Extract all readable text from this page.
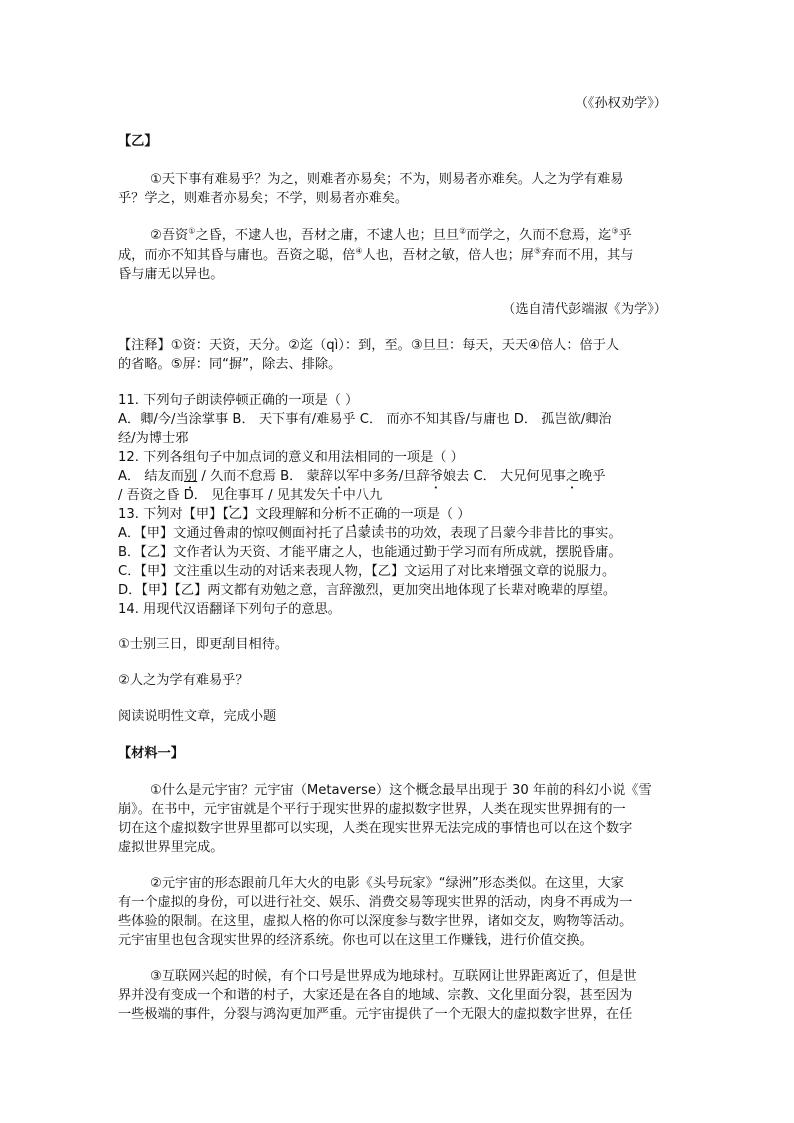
（《孙权劝学》）
【乙】
①天下事有难易乎？为之，则难者亦易矣；不为，则易者亦难矣。人之为学有难易
乎？学之，则难者亦易矣；不学，则易者亦难矣。
②吾资①之昏，不逮人也，吾材之庸，不逮人也；旦旦②而学之，久而不怠焉，迄③乎
成，而亦不知其昏与庸也。吾资之聪，倍④人也，吾材之敏，倍人也；屏⑤弃而不用，其与
昏与庸无以异也。
（选自清代彭端淑《为学》）
【注释】①资：天资，天分。②迄（qì）：到，至。③旦旦：每天，天天④倍人：倍于人
的省略。⑤屏：同“摒”，除去、排除。
11. 下列句子朗读停顿正确的一项是（ ）
A．卿/今/当涂掌事 B． 天下事有/难易乎 C． 而亦不知其昏/与庸也 D． 孤岂欲/卿治
经/为博士邪
12. 下列各组句子中加点词的意义和用法相同的一项是（ ）
A． 结友而别 / 久而不怠焉 B． 蒙辞以军中多务/旦辞爷娘去 C． 大兄何见事之晚乎
/ 吾资之昏 D． 见往事耳 / 见其发矢十中八九
13. 下列对【甲】【乙】文段理解和分析不正确的一项是（ ）
A．【甲】文通过鲁肃的惊叹侧面衬托了吕蒙读书的功效，表现了吕蒙今非昔比的事实。
B．【乙】文作者认为天资、才能平庸之人，也能通过勤于学习而有所成就，摆脱昏庸。
C．【甲】文注重以生动的对话来表现人物，【乙】文运用了对比来增强文章的说服力。
D．【甲】【乙】两文都有劝勉之意，言辞激烈，更加突出地体现了长辈对晚辈的厚望。
14. 用现代汉语翻译下列句子的意思。
①士别三日，即更刮目相待。
②人之为学有难易乎？
阅读说明性文章，完成小题
【材料一】
①什么是元宇宙？元宇宙（Metaverse）这个概念最早出现于 30 年前的科幻小说《雪
崩》。在书中，元宇宙就是个平行于现实世界的虚拟数字世界，人类在现实世界拥有的一
切在这个虚拟数字世界里都可以实现，人类在现实世界无法完成的事情也可以在这个数字
虚拟世界里完成。
②元宇宙的形态跟前几年大火的电影《头号玩家》“绿洲”形态类似。在这里，大家
有一个虚拟的身份，可以进行社交、娱乐、消费交易等现实世界的活动，肉身不再成为一
些体验的限制。在这里，虚拟人格的你可以深度参与数字世界，诸如交友，购物等活动。
元宇宙里也包含现实世界的经济系统。你也可以在这里工作赚钱，进行价值交换。
③互联网兴起的时候，有个口号是世界成为地球村。互联网让世界距离近了，但是世
界并没有变成一个和谐的村子，大家还是在各自的地域、宗教、文化里面分裂，甚至因为
一些极端的事件，分裂与鸿沟更加严重。元宇宙提供了一个无限大的虚拟数字世界，在任
